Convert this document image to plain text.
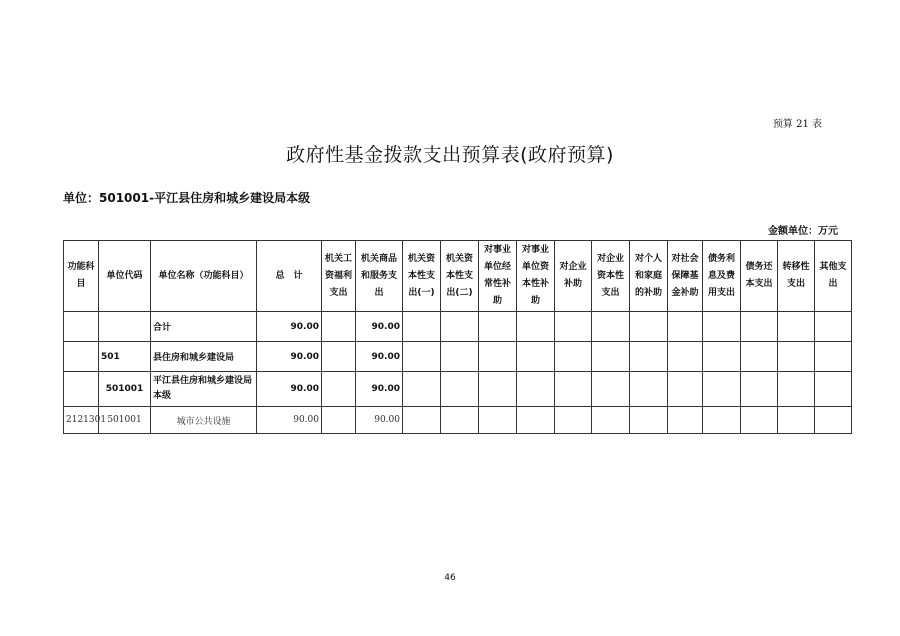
预算 21 表
政府性基金拨款支出预算表(政府预算)
单位：501001-平江县住房和城乡建设局本级
金额单位：万元
功能科目	单位代码	单位名称（功能科目）	总　计	机关工资福利支出	机关商品和服务支出	机关资本性支出(一)	机关资本性支出(二)	对事业单位经常性补助	对事业单位资本性补助	对企业补助	对企业资本性支出	对个人和家庭的补助	对社会保障基金补助	债务利息及费用支出	债务还本支出	转移性支出	其他支出
		合计	90.00		90.00												
	501	县住房和城乡建设局	90.00		90.00												
	501001	平江县住房和城乡建设局本级	90.00		90.00												
2121301	501001	城市公共设施	90.00		90.00												
46
